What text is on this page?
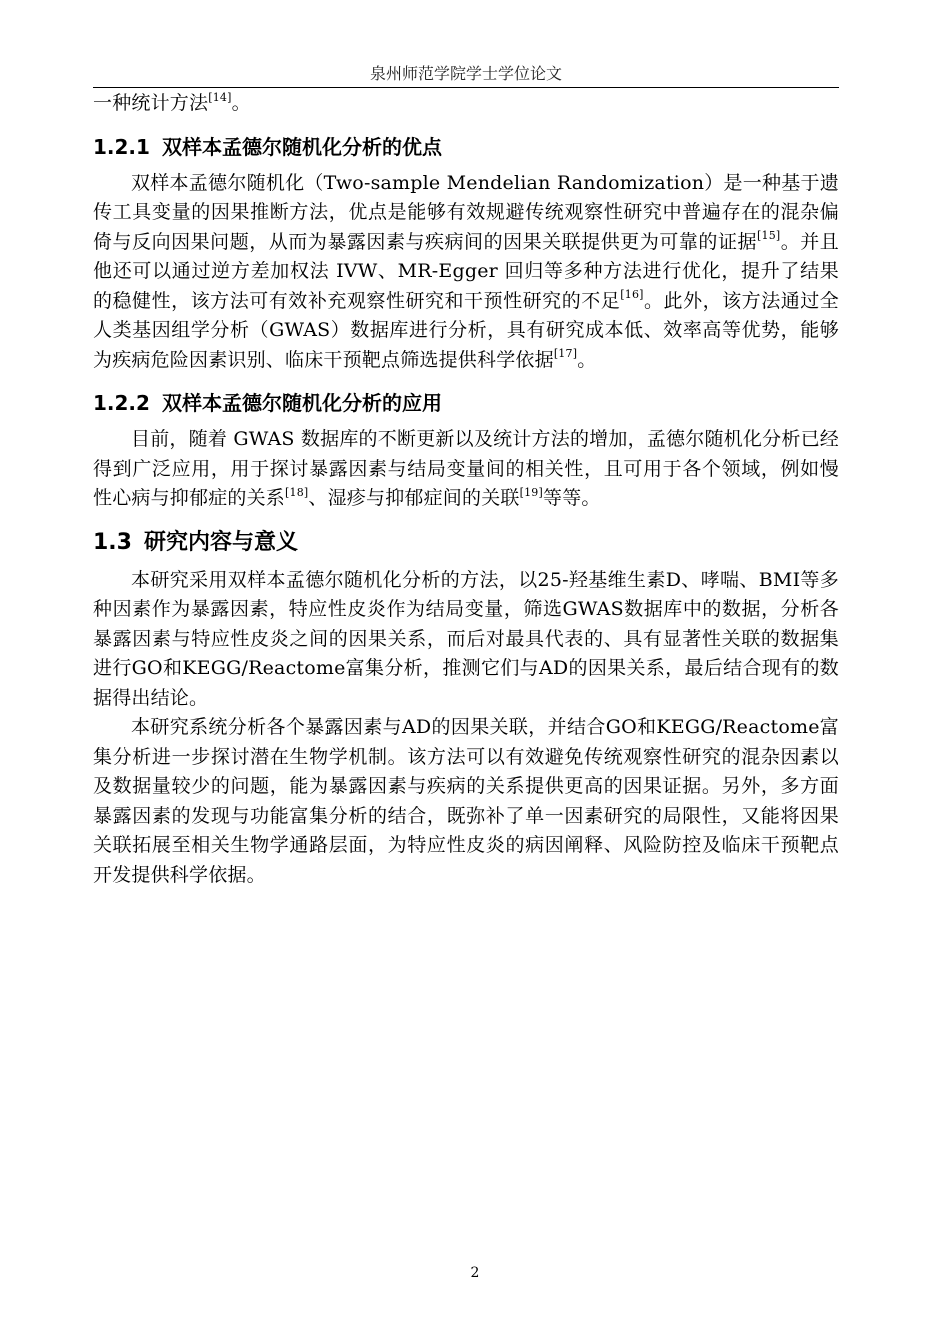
泉州师范学院学士学位论文

一种统计方法[14]。

1.2.1 双样本孟德尔随机化分析的优点

双样本孟德尔随机化（Two-sample Mendelian Randomization）是一种基于遗传工具变量的因果推断方法，优点是能够有效规避传统观察性研究中普遍存在的混杂偏倚与反向因果问题，从而为暴露因素与疾病间的因果关联提供更为可靠的证据[15]。并且他还可以通过逆方差加权法 IVW、MR-Egger 回归等多种方法进行优化，提升了结果的稳健性，该方法可有效补充观察性研究和干预性研究的不足[16]。此外，该方法通过全人类基因组学分析（GWAS）数据库进行分析，具有研究成本低、效率高等优势，能够为疾病危险因素识别、临床干预靶点筛选提供科学依据[17]。

1.2.2 双样本孟德尔随机化分析的应用

目前，随着 GWAS 数据库的不断更新以及统计方法的增加，孟德尔随机化分析已经得到广泛应用，用于探讨暴露因素与结局变量间的相关性，且可用于各个领域，例如慢性心病与抑郁症的关系[18]、湿疹与抑郁症间的关联[19]等等。

1.3 研究内容与意义

本研究采用双样本孟德尔随机化分析的方法，以25-羟基维生素D、哮喘、BMI等多种因素作为暴露因素，特应性皮炎作为结局变量，筛选GWAS数据库中的数据，分析各暴露因素与特应性皮炎之间的因果关系，而后对最具代表的、具有显著性关联的数据集进行GO和KEGG/Reactome富集分析，推测它们与AD的因果关系，最后结合现有的数据得出结论。

本研究系统分析各个暴露因素与AD的因果关联，并结合GO和KEGG/Reactome富集分析进一步探讨潜在生物学机制。该方法可以有效避免传统观察性研究的混杂因素以及数据量较少的问题，能为暴露因素与疾病的关系提供更高的因果证据。另外，多方面暴露因素的发现与功能富集分析的结合，既弥补了单一因素研究的局限性，又能将因果关联拓展至相关生物学通路层面，为特应性皮炎的病因阐释、风险防控及临床干预靶点开发提供科学依据。

2
